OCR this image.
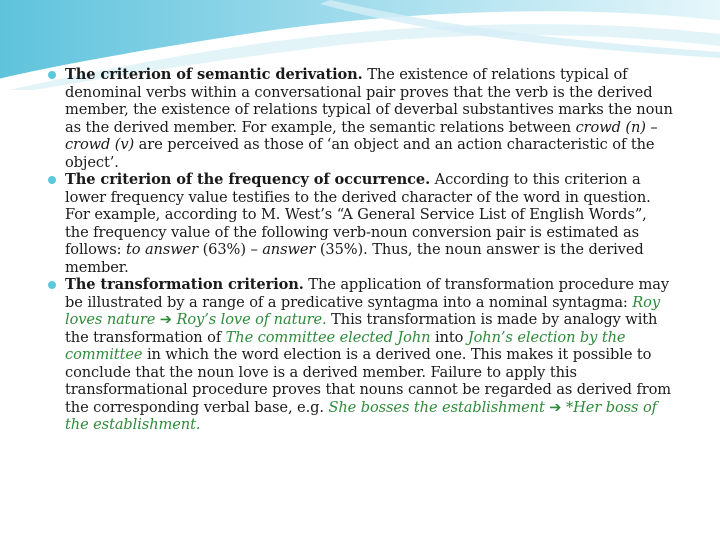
The criterion of semantic derivation. The existence of relations typical of denominal verbs within a conversational pair proves that the verb is the derived member, the existence of relations typical of deverbal substantives marks the noun as the derived member. For example, the semantic relations between crowd (n) – crowd (v) are perceived as those of ‘an object and an action characteristic of the object’.
The criterion of the frequency of occurrence. According to this criterion a lower frequency value testifies to the derived character of the word in question. For example, according to M. West’s “A General Service List of English Words”, the frequency value of the following verb-noun conversion pair is estimated as follows: to answer (63%) – answer (35%). Thus, the noun answer is the derived member.
The transformation criterion. The application of transformation procedure may be illustrated by a range of a predicative syntagma into a nominal syntagma: Roy loves nature ➔ Roy’s love of nature. This transformation is made by analogy with the transformation of The committee elected John into John’s election by the committee in which the word election is a derived one. This makes it possible to conclude that the noun love is a derived member. Failure to apply this transformational procedure proves that nouns cannot be regarded as derived from the corresponding verbal base, e.g. She bosses the establishment ➔ *Her boss of the establishment.
